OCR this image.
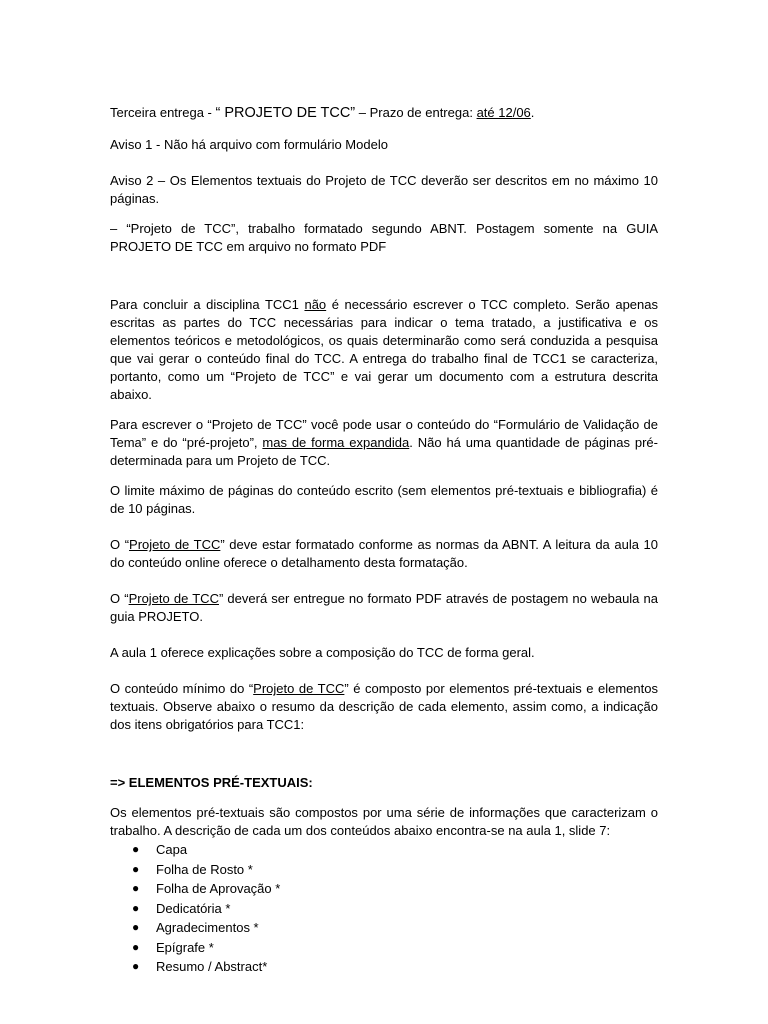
Terceira entrega - “ PROJETO DE TCC” – Prazo de entrega: até 12/06.

Aviso 1 - Não há arquivo com formulário Modelo

Aviso 2 – Os Elementos textuais do Projeto de TCC deverão ser descritos em no máximo 10 páginas.

– “Projeto de TCC”, trabalho formatado segundo ABNT. Postagem somente na GUIA PROJETO DE TCC em arquivo no formato PDF

Para concluir a disciplina TCC1 não é necessário escrever o TCC completo. Serão apenas escritas as partes do TCC necessárias para indicar o tema tratado, a justificativa e os elementos teóricos e metodológicos, os quais determinarão como será conduzida a pesquisa que vai gerar o conteúdo final do TCC. A entrega do trabalho final de TCC1 se caracteriza, portanto, como um “Projeto de TCC” e vai gerar um documento com a estrutura descrita abaixo.

Para escrever o “Projeto de TCC” você pode usar o conteúdo do “Formulário de Validação de Tema” e do “pré-projeto”, mas de forma expandida. Não há uma quantidade de páginas pré-determinada para um Projeto de TCC.

O limite máximo de páginas do conteúdo escrito (sem elementos pré-textuais e bibliografia) é de 10 páginas.

O “Projeto de TCC” deve estar formatado conforme as normas da ABNT. A leitura da aula 10 do conteúdo online oferece o detalhamento desta formatação.

O “Projeto de TCC” deverá ser entregue no formato PDF através de postagem no webaula na guia PROJETO.

A aula 1 oferece explicações sobre a composição do TCC de forma geral.

O conteúdo mínimo do “Projeto de TCC” é composto por elementos pré-textuais e elementos textuais. Observe abaixo o resumo da descrição de cada elemento, assim como, a indicação dos itens obrigatórios para TCC1:

=> ELEMENTOS PRÉ-TEXTUAIS:

Os elementos pré-textuais são compostos por uma série de informações que caracterizam o trabalho. A descrição de cada um dos conteúdos abaixo encontra-se na aula 1, slide 7:

●	Capa
●	Folha de Rosto *
●	Folha de Aprovação *
●	Dedicatória *
●	Agradecimentos *
●	Epígrafe *
●	Resumo / Abstract*
